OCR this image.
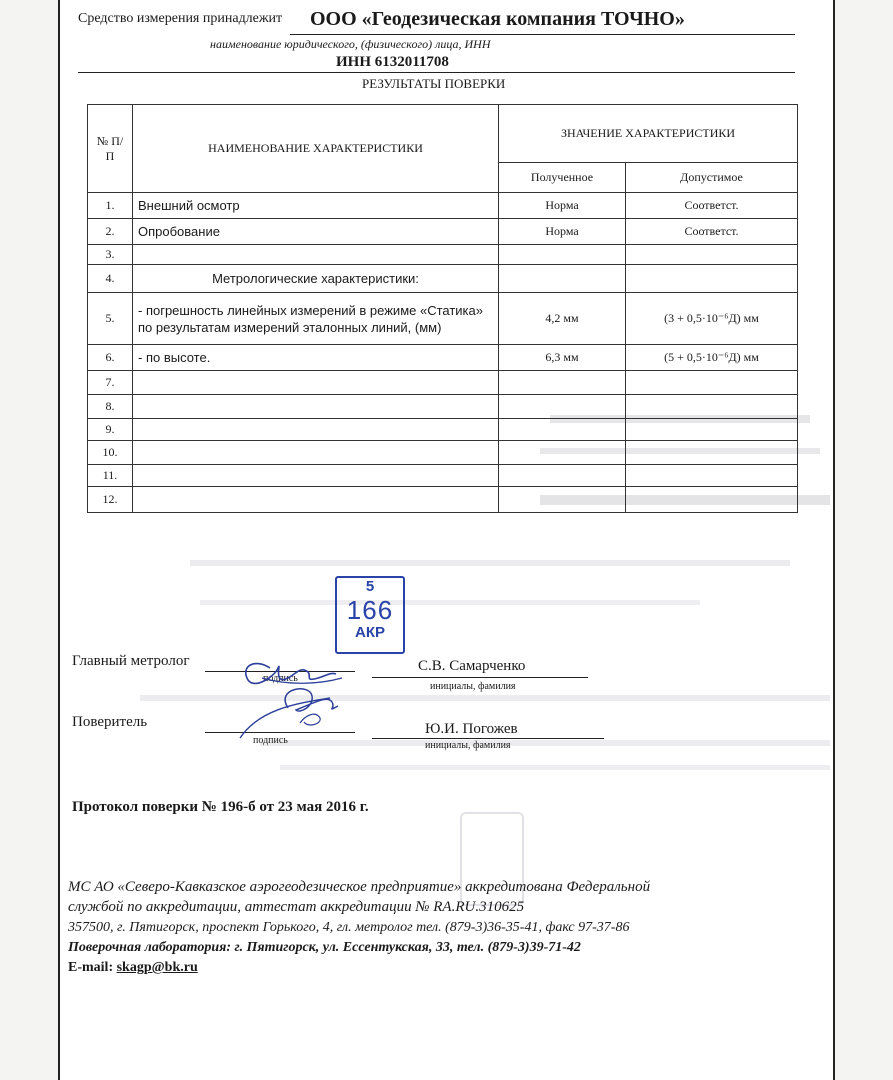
Средство измерения принадлежит ООО «Геодезическая компания ТОЧНО»
наименование юридического, (физического) лица, ИНН
ИНН 6132011708
РЕЗУЛЬТАТЫ ПОВЕРКИ
№ П/П	НАИМЕНОВАНИЕ ХАРАКТЕРИСТИКИ	ЗНАЧЕНИЕ ХАРАКТЕРИСТИКИ	
		Полученное	Допустимое
1.	Внешний осмотр	Норма	Соответст.
2.	Опробование	Норма	Соответст.
3.			
4.	Метрологические характеристики:		
5.	- погрешность линейных измерений в режиме «Статика» по результатам измерений эталонных линий, (мм)	4,2 мм	(3 + 0,5·10⁻⁶Д) мм
6.	- по высоте.	6,3 мм	(5 + 0,5·10⁻⁶Д) мм
7.			
8.			
9.			
10.			
11.			
12.			
5
166
АКР
Главный метролог
подпись
С.В. Самарченко
инициалы, фамилия
Поверитель
подпись
Ю.И. Погожев
инициалы, фамилия
Протокол поверки № 196-б от 23 мая 2016 г.
МС АО «Северо-Кавказское аэрогеодезическое предприятие» аккредитована Федеральной
службой по аккредитации, аттестат аккредитации № RA.RU.310625
357500, г. Пятигорск, проспект Горького, 4, гл. метролог тел. (879-3)36-35-41, факс 97-37-86
Поверочная лаборатория: г. Пятигорск, ул. Ессентукская, 33, тел. (879-3)39-71-42
E-mail: skagp@bk.ru
